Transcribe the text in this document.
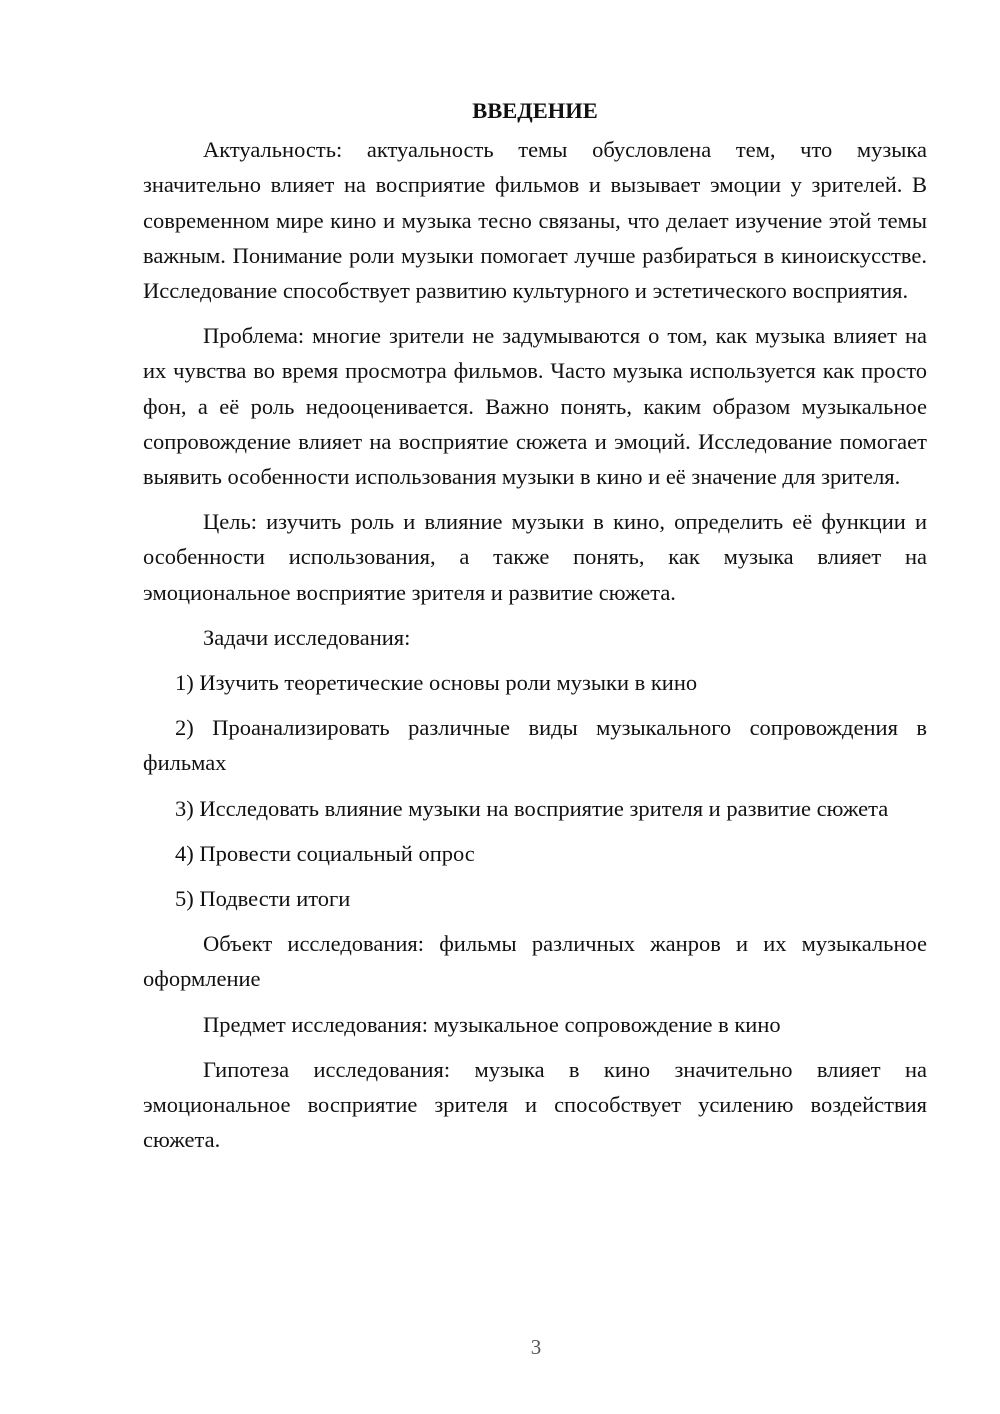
ВВЕДЕНИЕ

Актуальность: актуальность темы обусловлена тем, что музыка значительно влияет на восприятие фильмов и вызывает эмоции у зрителей. В современном мире кино и музыка тесно связаны, что делает изучение этой темы важным. Понимание роли музыки помогает лучше разбираться в киноискусстве. Исследование способствует развитию культурного и эстетического восприятия.

Проблема: многие зрители не задумываются о том, как музыка влияет на их чувства во время просмотра фильмов. Часто музыка используется как просто фон, а её роль недооценивается. Важно понять, каким образом музыкальное сопровождение влияет на восприятие сюжета и эмоций. Исследование помогает выявить особенности использования музыки в кино и её значение для зрителя.

Цель: изучить роль и влияние музыки в кино, определить её функции и особенности использования, а также понять, как музыка влияет на эмоциональное восприятие зрителя и развитие сюжета.

Задачи исследования:

1) Изучить теоретические основы роли музыки в кино

2) Проанализировать различные виды музыкального сопровождения в фильмах

3) Исследовать влияние музыки на восприятие зрителя и развитие сюжета

4) Провести социальный опрос

5) Подвести итоги

Объект исследования: фильмы различных жанров и их музыкальное оформление

Предмет исследования: музыкальное сопровождение в кино

Гипотеза исследования: музыка в кино значительно влияет на эмоциональное восприятие зрителя и способствует усилению воздействия сюжета.

3
